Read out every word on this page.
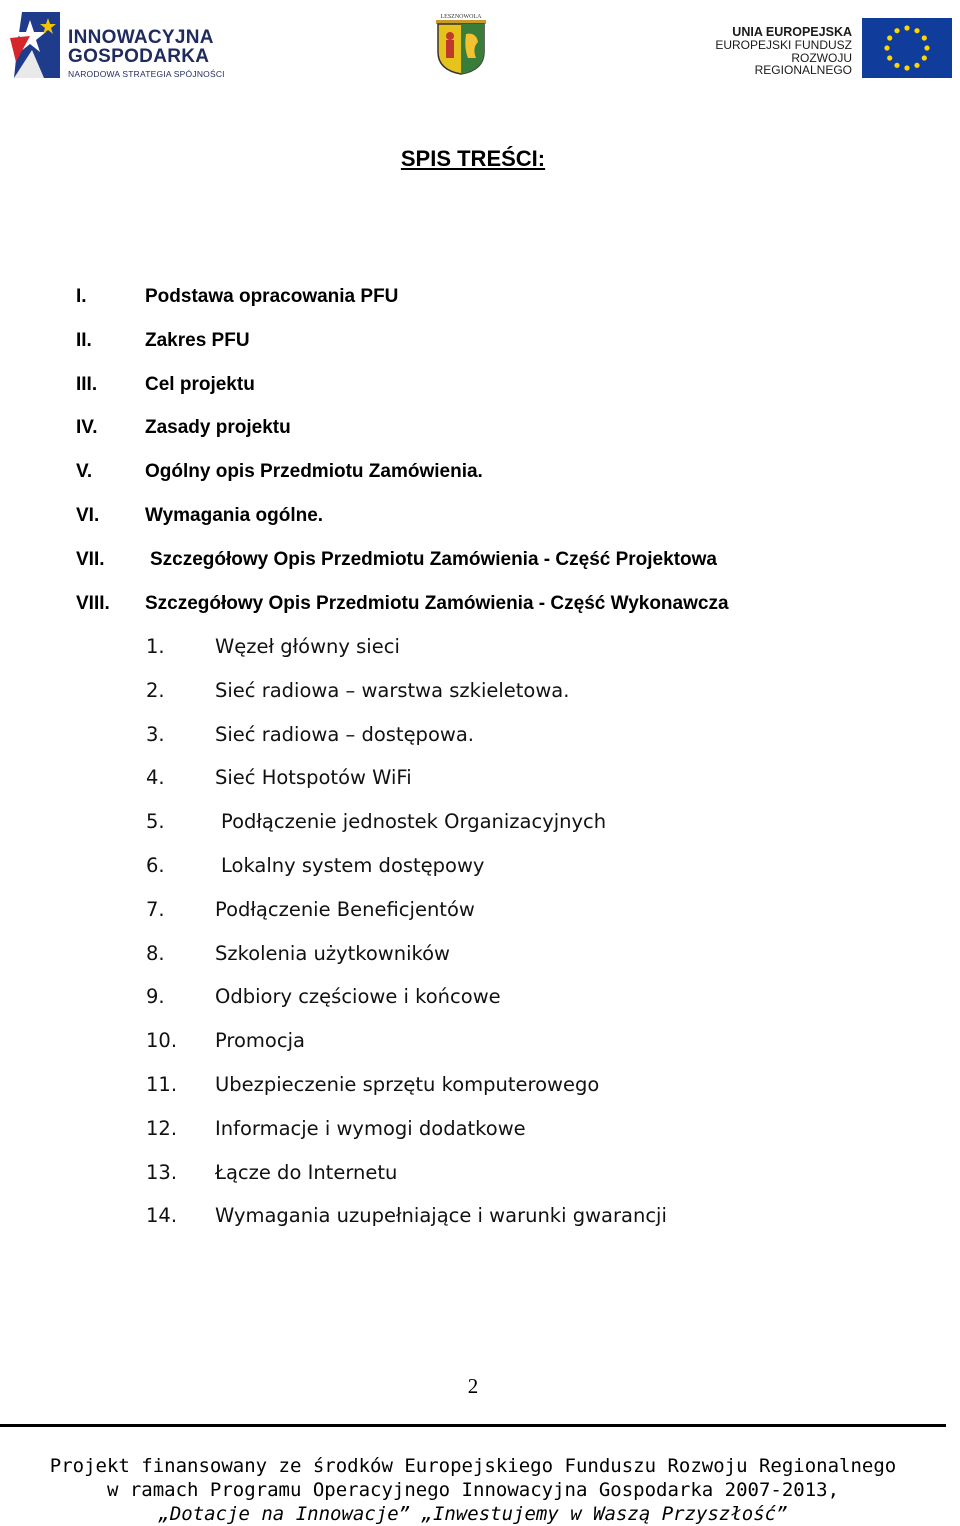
INNOWACYJNA
GOSPODARKA
NARODOWA STRATEGIA SPÓJNOŚCI
LESZNOWOLA
UNIA EUROPEJSKA
EUROPEJSKI FUNDUSZ
ROZWOJU REGIONALNEGO
SPIS TREŚCI:
I.	Podstawa opracowania PFU
II.	Zakres PFU
III.	Cel projektu
IV.	Zasady projektu
V.	Ogólny opis Przedmiotu Zamówienia.
VI. Wymagania ogólne.
VII. Szczegółowy Opis Przedmiotu Zamówienia - Część Projektowa
VIII. Szczegółowy Opis Przedmiotu Zamówienia - Część Wykonawcza
1.	Węzeł główny sieci
2.	Sieć radiowa – warstwa szkieletowa.
3.	Sieć radiowa – dostępowa.
4.	Sieć Hotspotów WiFi
5.	Podłączenie jednostek Organizacyjnych
6.	Lokalny system dostępowy
7.	Podłączenie Beneficjentów
8.	Szkolenia użytkowników
9.	Odbiory częściowe i końcowe
10. Promocja
11. Ubezpieczenie sprzętu komputerowego
12. Informacje i wymogi dodatkowe
13. Łącze do Internetu
14. Wymagania uzupełniające i warunki gwarancji
2
Projekt finansowany ze środków Europejskiego Funduszu Rozwoju Regionalnego
w ramach Programu Operacyjnego Innowacyjna Gospodarka 2007-2013,
„Dotacje na Innowacje” „Inwestujemy w Waszą Przyszłość”
